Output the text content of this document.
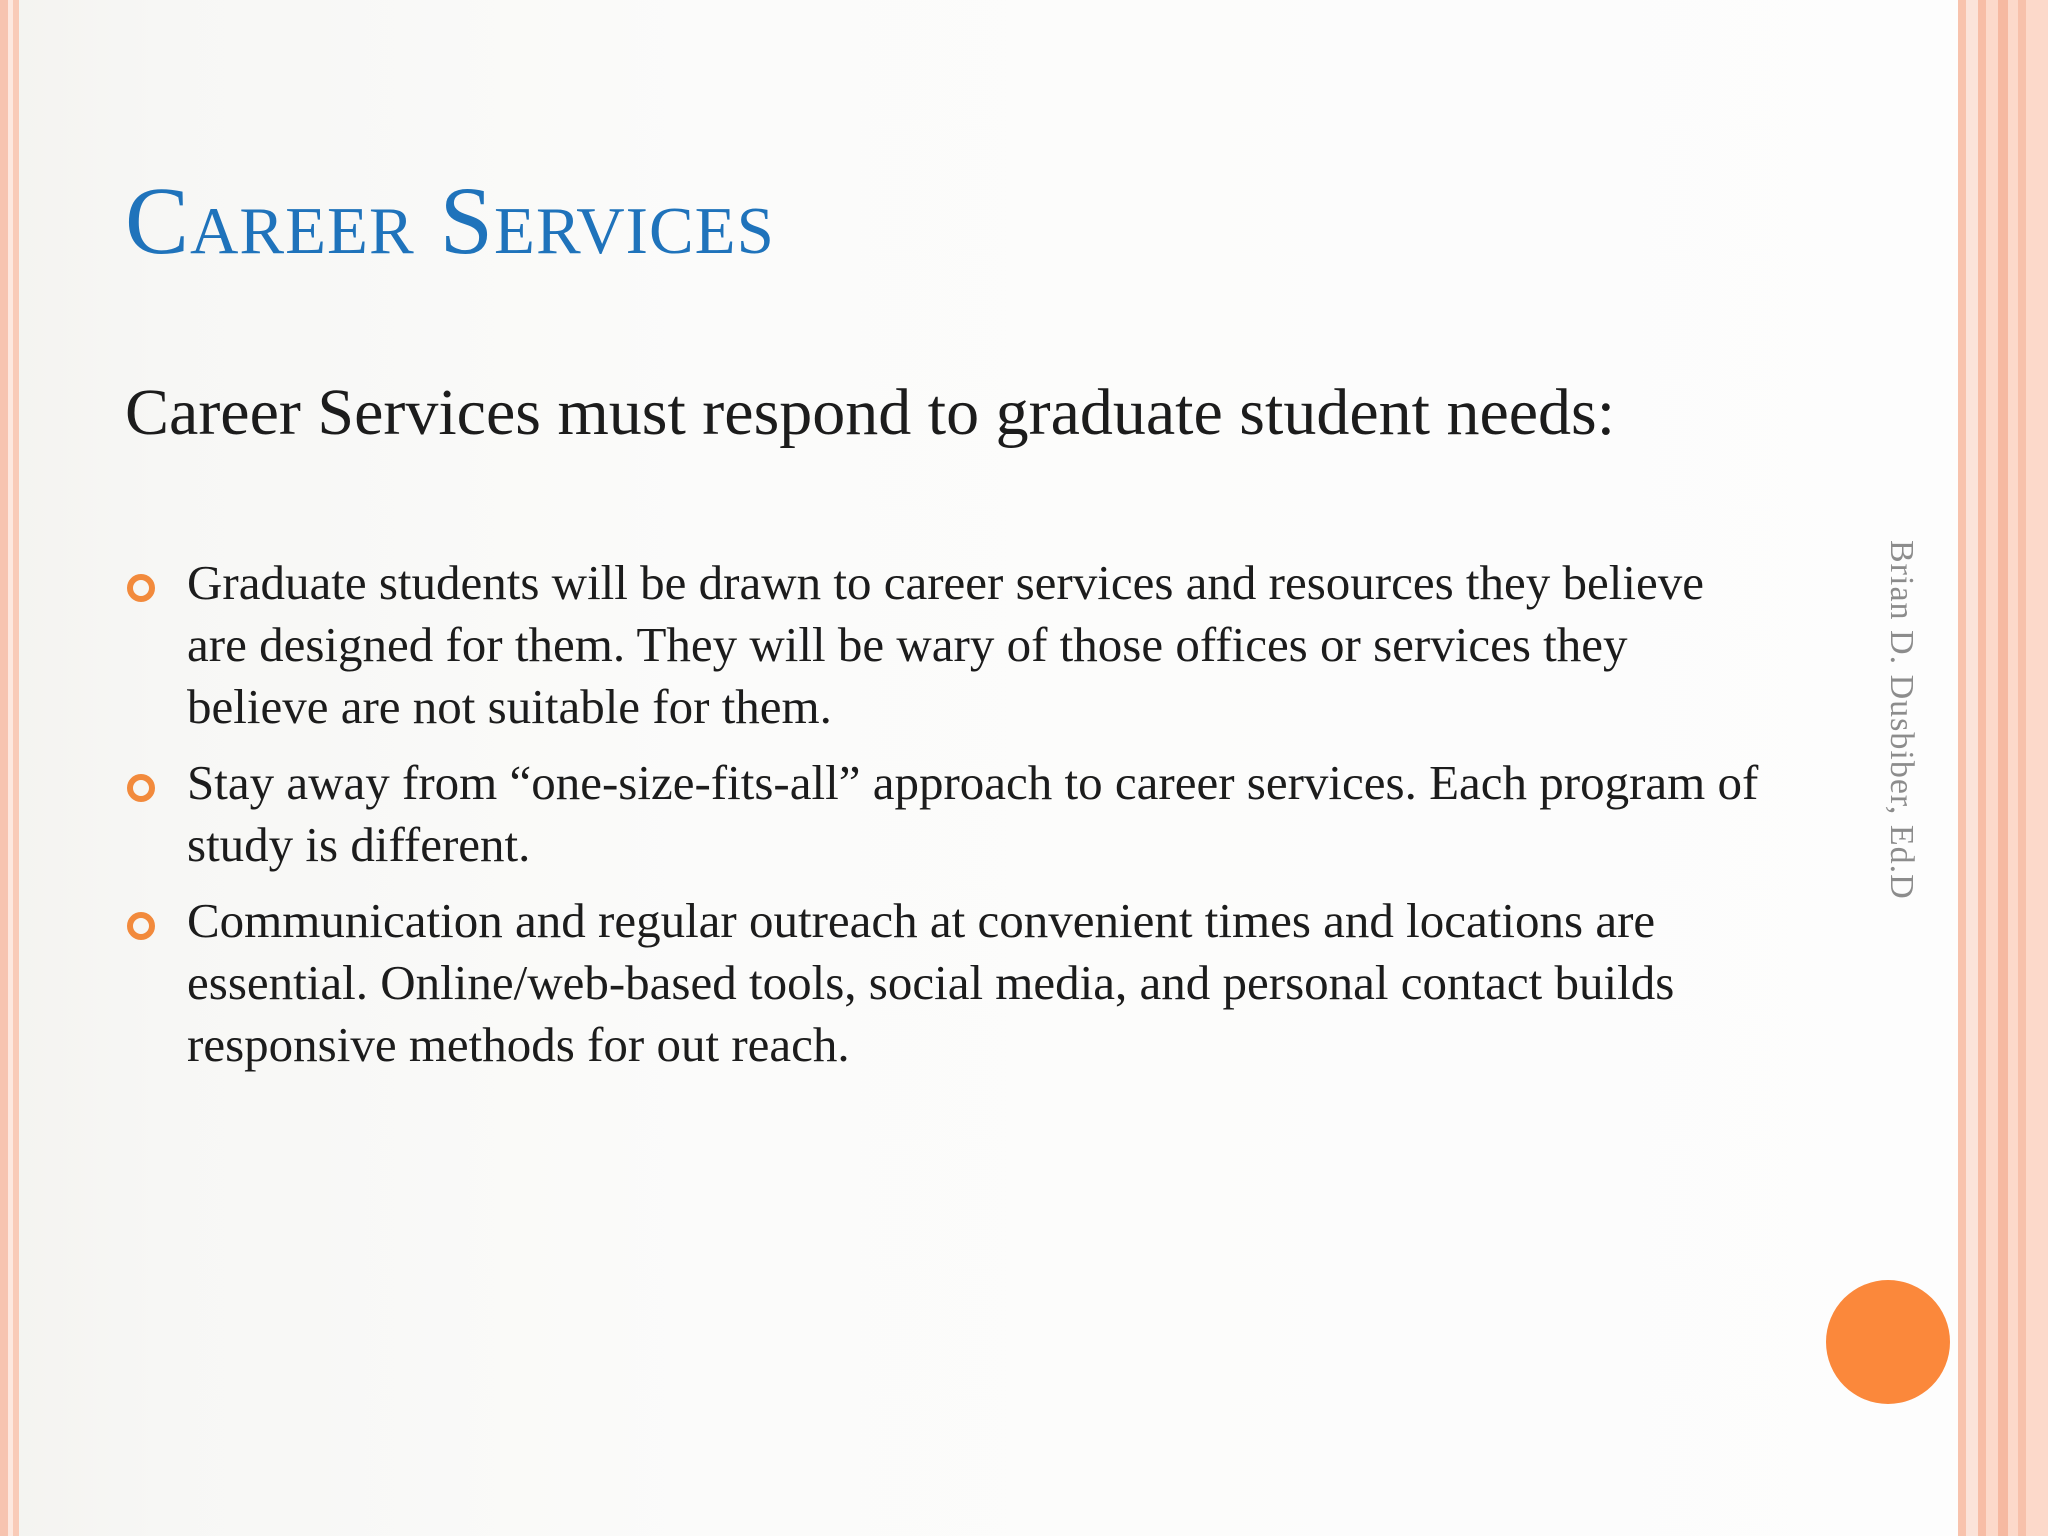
Career Services

Career Services must respond to graduate student needs:

Graduate students will be drawn to career services and resources they believe are designed for them. They will be wary of those offices or services they believe are not suitable for them.
Stay away from “one-size-fits-all” approach to career services. Each program of study is different.
Communication and regular outreach at convenient times and locations are essential. Online/web-based tools, social media, and personal contact builds responsive methods for out reach.

Brian D. Dusbiber, Ed.D
